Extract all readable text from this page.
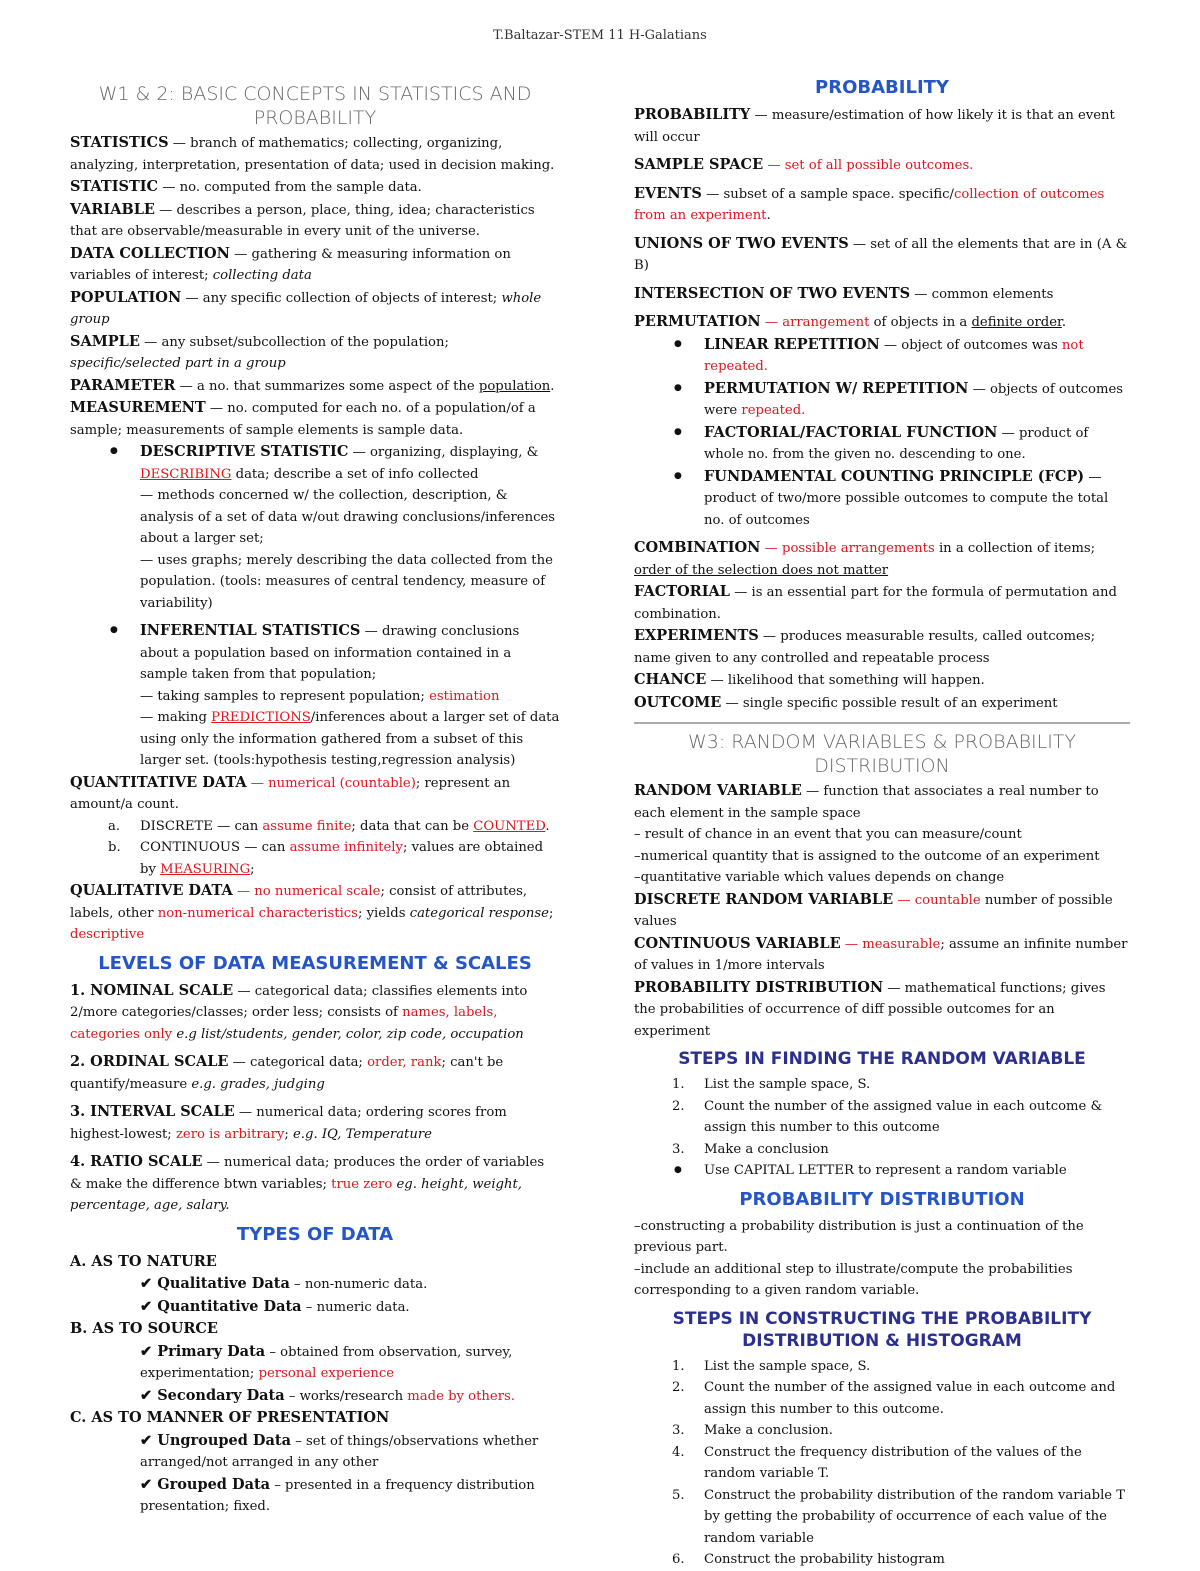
T.Baltazar-STEM 11 H-Galatians
W1 & 2: BASIC CONCEPTS IN STATISTICS AND PROBABILITY

STATISTICS — branch of mathematics; collecting, organizing, analyzing, interpretation, presentation of data; used in decision making.

STATISTIC — no. computed from the sample data.

VARIABLE — describes a person, place, thing, idea; characteristics that are observable/measurable in every unit of the universe.

DATA COLLECTION — gathering & measuring information on variables of interest; collecting data

POPULATION — any specific collection of objects of interest; whole group

SAMPLE — any subset/subcollection of the population; specific/selected part in a group

PARAMETER — a no. that summarizes some aspect of the population.

MEASUREMENT — no. computed for each no. of a population/of a sample; measurements of sample elements is sample data.

● DESCRIPTIVE STATISTIC — organizing, displaying, & DESCRIBING data; describe a set of info collected
— methods concerned w/ the collection, description, & analysis of a set of data w/out drawing conclusions/inferences about a larger set;
— uses graphs; merely describing the data collected from the population. (tools: measures of central tendency, measure of variability)
● INFERENTIAL STATISTICS — drawing conclusions about a population based on information contained in a sample taken from that population;
— taking samples to represent population; estimation
— making PREDICTIONS/inferences about a larger set of data using only the information gathered from a subset of this larger set. (tools:hypothesis testing,regression analysis)

QUANTITATIVE DATA — numerical (countable); represent an amount/a count.

a. DISCRETE — can assume finite; data that can be COUNTED.
b. CONTINUOUS — can assume infinitely; values are obtained by MEASURING;

QUALITATIVE DATA — no numerical scale; consist of attributes, labels, other non-numerical characteristics; yields categorical response; descriptive

LEVELS OF DATA MEASUREMENT & SCALES

1. NOMINAL SCALE — categorical data; classifies elements into 2/more categories/classes; order less; consists of names, labels, categories only e.g list/students, gender, color, zip code, occupation

2. ORDINAL SCALE — categorical data; order, rank; can't be quantify/measure e.g. grades, judging

3. INTERVAL SCALE — numerical data; ordering scores from highest-lowest; zero is arbitrary; e.g. IQ, Temperature

4. RATIO SCALE — numerical data; produces the order of variables & make the difference btwn variables; true zero eg. height, weight, percentage, age, salary.

TYPES OF DATA

A. AS TO NATURE

✔ Qualitative Data – non-numeric data.

✔ Quantitative Data – numeric data.

B. AS TO SOURCE

✔ Primary Data – obtained from observation, survey, experimentation; personal experience

✔ Secondary Data – works/research made by others.

C. AS TO MANNER OF PRESENTATION

✔ Ungrouped Data – set of things/observations whether arranged/not arranged in any other

✔ Grouped Data – presented in a frequency distribution presentation; fixed.

PROBABILITY

PROBABILITY — measure/estimation of how likely it is that an event will occur

SAMPLE SPACE — set of all possible outcomes.

EVENTS — subset of a sample space. specific/collection of outcomes from an experiment.

UNIONS OF TWO EVENTS — set of all the elements that are in (A & B)

INTERSECTION OF TWO EVENTS — common elements

PERMUTATION — arrangement of objects in a definite order.

● LINEAR REPETITION — object of outcomes was not repeated.
● PERMUTATION W/ REPETITION — objects of outcomes were repeated.
● FACTORIAL/FACTORIAL FUNCTION — product of whole no. from the given no. descending to one.
● FUNDAMENTAL COUNTING PRINCIPLE (FCP) — product of two/more possible outcomes to compute the total no. of outcomes

COMBINATION — possible arrangements in a collection of items; order of the selection does not matter

FACTORIAL — is an essential part for the formula of permutation and combination.

EXPERIMENTS — produces measurable results, called outcomes; name given to any controlled and repeatable process

CHANCE — likelihood that something will happen.

OUTCOME — single specific possible result of an experiment

W3: RANDOM VARIABLES & PROBABILITY DISTRIBUTION

RANDOM VARIABLE — function that associates a real number to each element in the sample space
– result of chance in an event that you can measure/count
–numerical quantity that is assigned to the outcome of an experiment
–quantitative variable which values depends on change

DISCRETE RANDOM VARIABLE — countable number of possible values

CONTINUOUS VARIABLE — measurable; assume an infinite number of values in 1/more intervals

PROBABILITY DISTRIBUTION — mathematical functions; gives the probabilities of occurrence of diff possible outcomes for an experiment

STEPS IN FINDING THE RANDOM VARIABLE
1. List the sample space, S.
2. Count the number of the assigned value in each outcome & assign this number to this outcome
3. Make a conclusion
● Use CAPITAL LETTER to represent a random variable
PROBABILITY DISTRIBUTION

–constructing a probability distribution is just a continuation of the previous part.

–include an additional step to illustrate/compute the probabilities corresponding to a given random variable.

STEPS IN CONSTRUCTING THE PROBABILITY DISTRIBUTION & HISTOGRAM
1. List the sample space, S.
2. Count the number of the assigned value in each outcome and assign this number to this outcome.
3. Make a conclusion.
4. Construct the frequency distribution of the values of the random variable T.
5. Construct the probability distribution of the random variable T by getting the probability of occurrence of each value of the random variable
6. Construct the probability histogram
